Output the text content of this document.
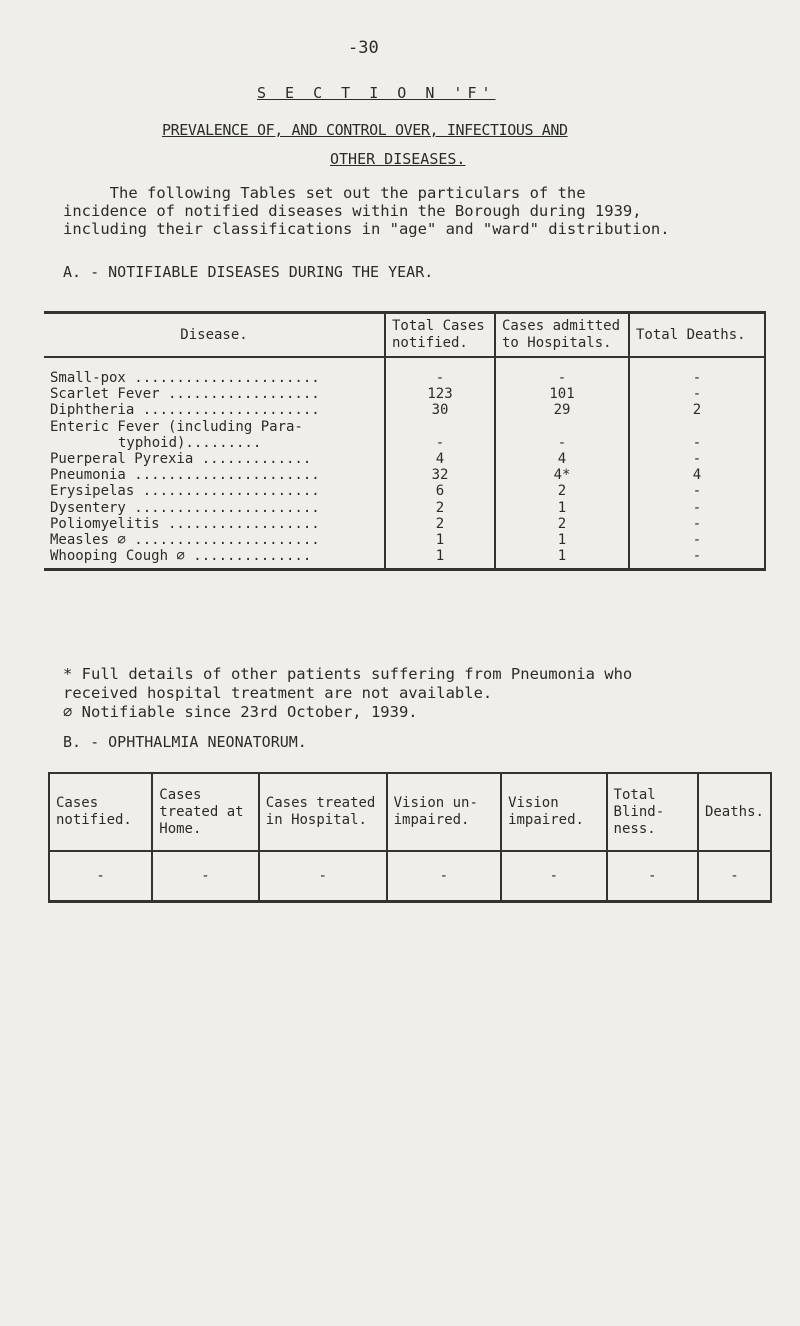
-30
S E C T I O N 'F'
PREVALENCE OF, AND CONTROL OVER, INFECTIOUS AND
OTHER DISEASES.
The following Tables set out the particulars of the
incidence of notified diseases within the Borough during 1939,
including their classifications in "age" and "ward" distribution.
A. - NOTIFIABLE DISEASES DURING THE YEAR.
Disease.	Total Cases notified.	Cases admitted to Hospitals.	Total Deaths.
Small-pox ......................	-	-	-
Scarlet Fever ..................	123	101	-
Diphtheria .....................	30	29	2
Enteric Fever (including Para-			
typhoid).........	-	-	-
Puerperal Pyrexia .............	4	4	-
Pneumonia ......................	32	4*	4
Erysipelas .....................	6	2	-
Dysentery ......................	2	1	-
Poliomyelitis ..................	2	2	-
Measles ∅ ......................	1	1	-
Whooping Cough ∅ ..............	1	1	-
* Full details of other patients suffering from Pneumonia who
received hospital treatment are not available.
∅ Notifiable since 23rd October, 1939.
B. - OPHTHALMIA NEONATORUM.
Cases notified.	Cases treated at Home.	Cases treated in Hospital.	Vision un- impaired.	Vision impaired.	Total Blind- ness.	Deaths.
-	-	-	-	-	-	-
